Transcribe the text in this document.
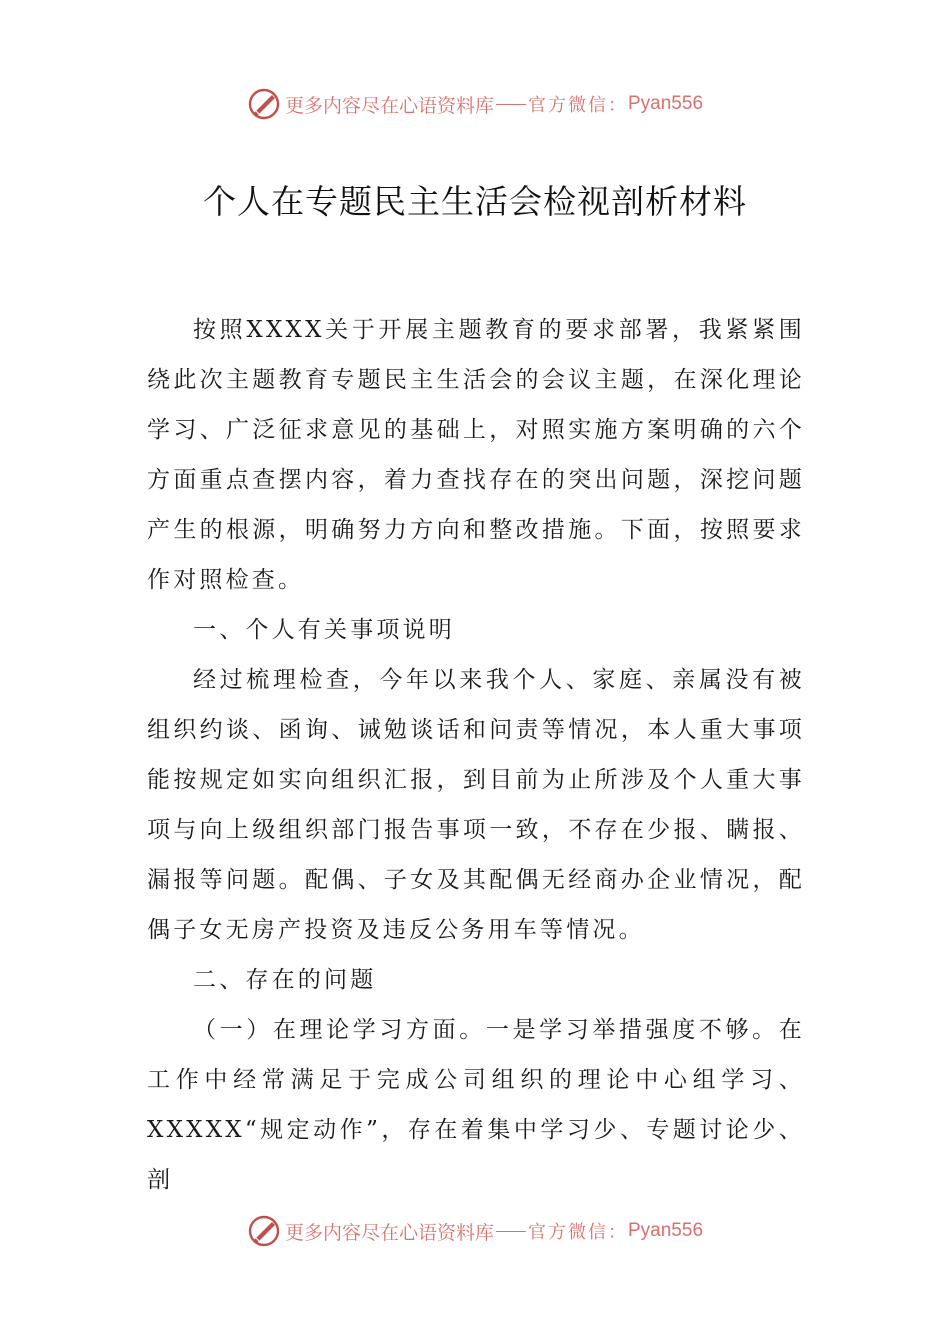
更多内容尽在心语资料库 官方微信： Pyan556
个人在专题民主生活会检视剖析材料

按照XXXX关于开展主题教育的要求部署，我紧紧围绕此次主题教育专题民主生活会的会议主题，在深化理论学习、广泛征求意见的基础上，对照实施方案明确的六个方面重点查摆内容，着力查找存在的突出问题，深挖问题产生的根源，明确努力方向和整改措施。下面，按照要求作对照检查。

一、个人有关事项说明

经过梳理检查，今年以来我个人、家庭、亲属没有被组织约谈、函询、诫勉谈话和问责等情况，本人重大事项能按规定如实向组织汇报，到目前为止所涉及个人重大事项与向上级组织部门报告事项一致，不存在少报、瞒报、漏报等问题。配偶、子女及其配偶无经商办企业情况，配偶子女无房产投资及违反公务用车等情况。

二、存在的问题

（一）在理论学习方面。一是学习举措强度不够。在工作中经常满足于完成公司组织的理论中心组学习、XXXXX“规定动作”，存在着集中学习少、专题讨论少、剖

更多内容尽在心语资料库 官方微信： Pyan556
